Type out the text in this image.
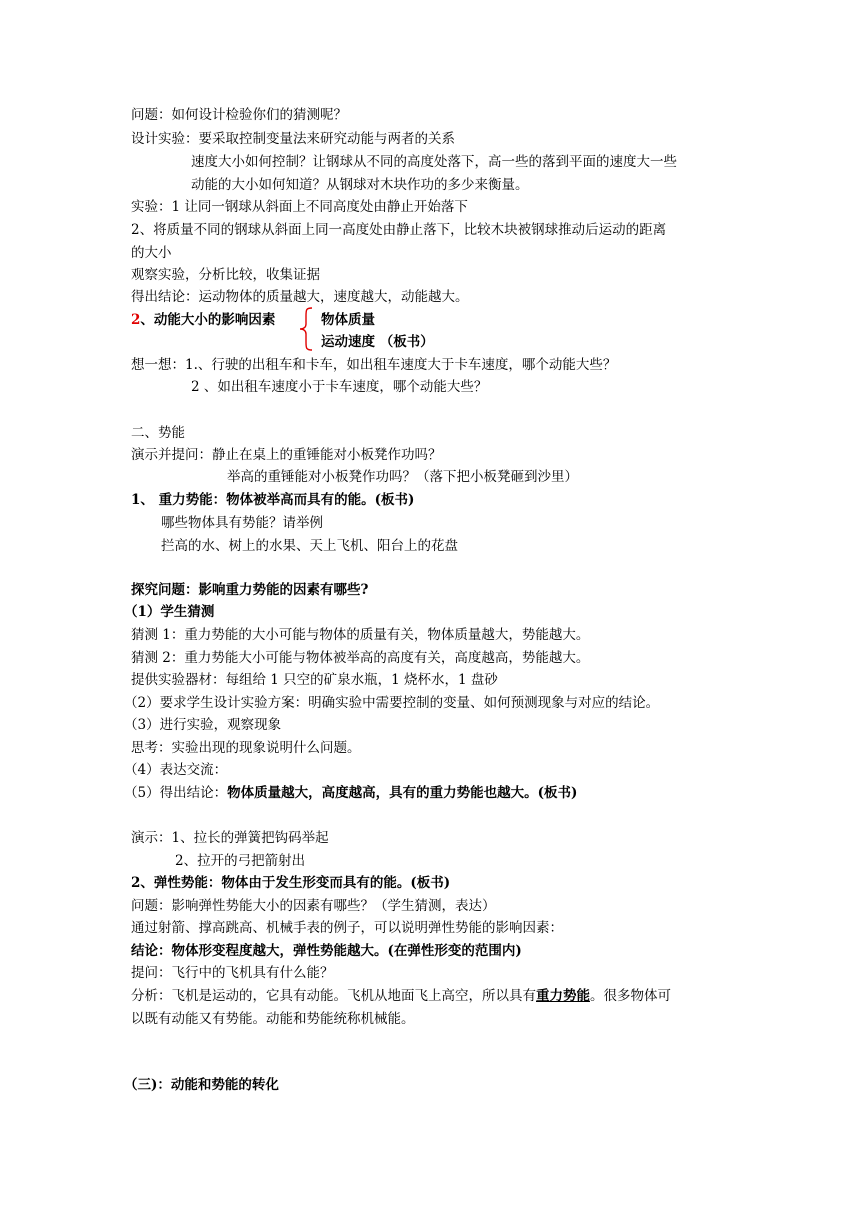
问题：如何设计检验你们的猜测呢？
设计实验：要采取控制变量法来研究动能与两者的关系
速度大小如何控制？让钢球从不同的高度处落下，高一些的落到平面的速度大一些
动能的大小如何知道？从钢球对木块作功的多少来衡量。
实验：1 让同一钢球从斜面上不同高度处由静止开始落下
2、将质量不同的钢球从斜面上同一高度处由静止落下，比较木块被钢球推动后运动的距离
的大小
观察实验，分析比较，收集证据
得出结论：运动物体的质量越大，速度越大，动能越大。
2、动能大小的影响因素	物体质量
运动速度 （板书）
想一想：1.、行驶的出租车和卡车，如出租车速度大于卡车速度，哪个动能大些？
2 、如出租车速度小于卡车速度，哪个动能大些？
二、势能
演示并提问：静止在桌上的重锤能对小板凳作功吗？
举高的重锤能对小板凳作功吗？（落下把小板凳砸到沙里）
1、 重力势能：物体被举高而具有的能。(板书)
哪些物体具有势能？请举例
拦高的水、树上的水果、天上飞机、阳台上的花盘
探究问题：影响重力势能的因素有哪些?
（1）学生猜测
猜测 1：重力势能的大小可能与物体的质量有关，物体质量越大，势能越大。
猜测 2：重力势能大小可能与物体被举高的高度有关，高度越高，势能越大。
提供实验器材：每组给 1 只空的矿泉水瓶，1 烧杯水，1 盘砂
（2）要求学生设计实验方案：明确实验中需要控制的变量、如何预测现象与对应的结论。
（3）进行实验，观察现象
思考：实验出现的现象说明什么问题。
（4）表达交流：
（5）得出结论：物体质量越大，高度越高，具有的重力势能也越大。(板书)
演示：1、拉长的弹簧把钩码举起
2、拉开的弓把箭射出
2、弹性势能：物体由于发生形变而具有的能。(板书)
问题：影响弹性势能大小的因素有哪些？（学生猜测，表达）
通过射箭、撑高跳高、机械手表的例子，可以说明弹性势能的影响因素：
结论：物体形变程度越大，弹性势能越大。(在弹性形变的范围内)
提问：飞行中的飞机具有什么能？
分析：飞机是运动的，它具有动能。飞机从地面飞上高空，所以具有重力势能。很多物体可
以既有动能又有势能。动能和势能统称机械能。
（三)：动能和势能的转化
